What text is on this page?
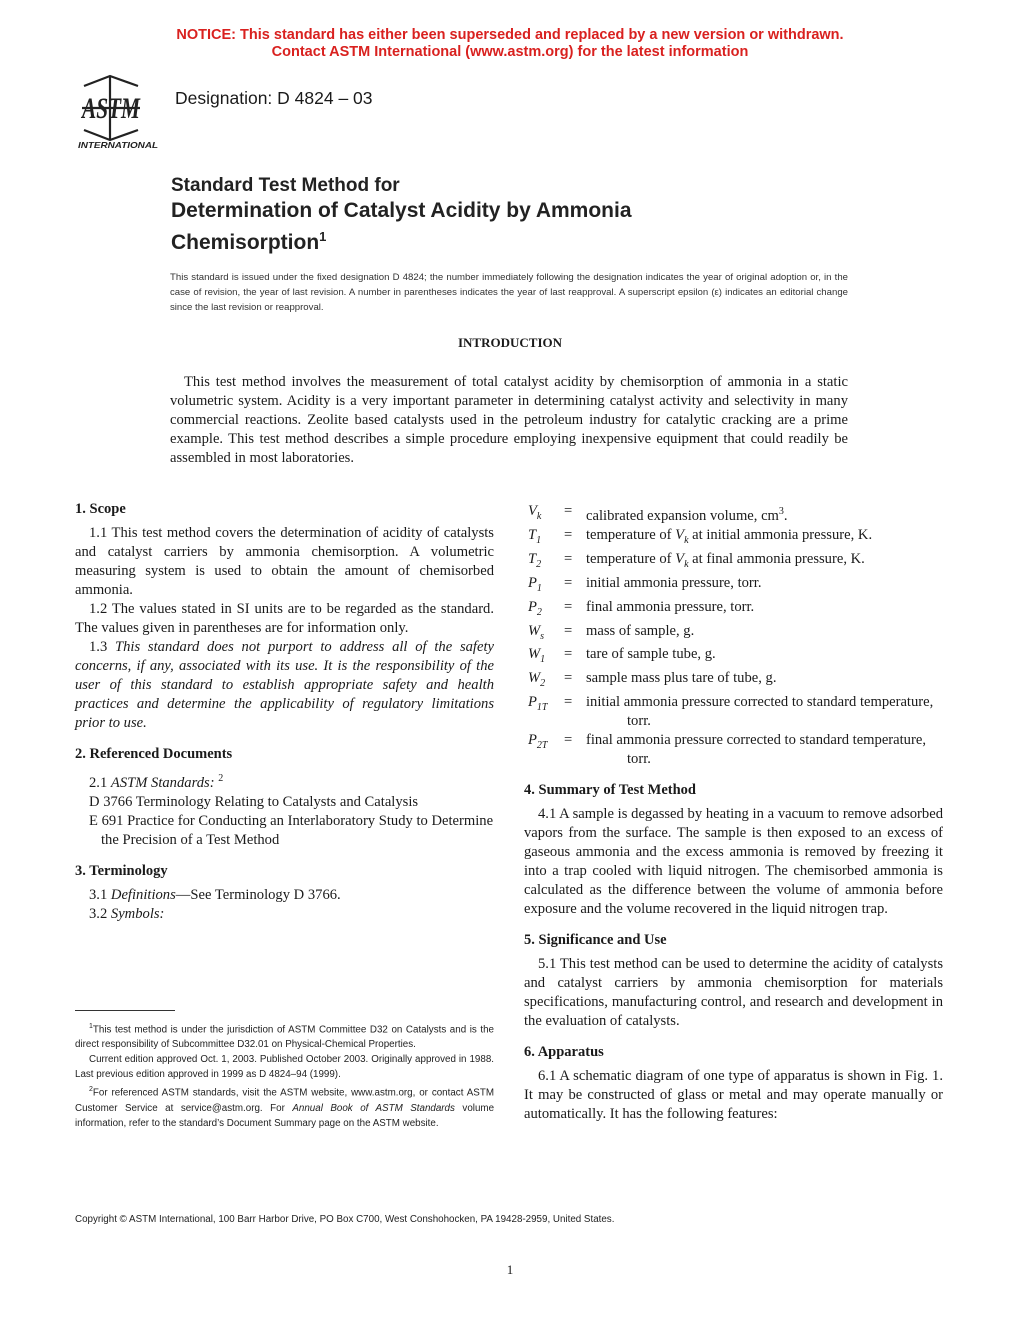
NOTICE: This standard has either been superseded and replaced by a new version or withdrawn.
Contact ASTM International (www.astm.org) for the latest information
ASTM
INTERNATIONAL
Designation: D 4824 – 03
Standard Test Method for
Determination of Catalyst Acidity by Ammonia
Chemisorption$^1$
This standard is issued under the fixed designation D 4824; the number immediately following the designation indicates the year of original adoption or, in the case of revision, the year of last revision. A number in parentheses indicates the year of last reapproval. A superscript epsilon (ε) indicates an editorial change since the last revision or reapproval.
INTRODUCTION
This test method involves the measurement of total catalyst acidity by chemisorption of ammonia in a static volumetric system. Acidity is a very important parameter in determining catalyst activity and selectivity in many commercial reactions. Zeolite based catalysts used in the petroleum industry for catalytic cracking are a prime example. This test method describes a simple procedure employing inexpensive equipment that could readily be assembled in most laboratories.
1. Scope

1.1 This test method covers the determination of acidity of catalysts and catalyst carriers by ammonia chemisorption. A volumetric measuring system is used to obtain the amount of chemisorbed ammonia.

1.2 The values stated in SI units are to be regarded as the standard. The values given in parentheses are for information only.

1.3 This standard does not purport to address all of the safety concerns, if any, associated with its use. It is the responsibility of the user of this standard to establish appropriate safety and health practices and determine the applicability of regulatory limitations prior to use.

2. Referenced Documents

2.1 ASTM Standards: $^2$

D 3766 Terminology Relating to Catalysts and Catalysis

E 691 Practice for Conducting an Interlaboratory Study to Determine the Precision of a Test Method

3. Terminology

3.1 Definitions—See Terminology D 3766.

3.2 Symbols:

$^1$This test method is under the jurisdiction of ASTM Committee D32 on Catalysts and is the direct responsibility of Subcommittee D32.01 on Physical-Chemical Properties.

Current edition approved Oct. 1, 2003. Published October 2003. Originally approved in 1988. Last previous edition approved in 1999 as D 4824–94 (1999).

$^2$For referenced ASTM standards, visit the ASTM website, www.astm.org, or contact ASTM Customer Service at service@astm.org. For Annual Book of ASTM Standards volume information, refer to the standard’s Document Summary page on the ASTM website.

$V_k$	= calibrated expansion volume, $cm^3$.
$T_1$	= temperature of $V_k$ at initial ammonia pressure, K.
$T_2$	= temperature of $V_k$ at final ammonia pressure, K.
$P_1$	= initial ammonia pressure, torr.
$P_2$	= final ammonia pressure, torr.
$W_s$	= mass of sample, g.
$W_1$	= tare of sample tube, g.
$W_2$	= sample mass plus tare of tube, g.
$P_{1T}$	= initial ammonia pressure corrected to standard temperature, torr.
$P_{2T}$	= final ammonia pressure corrected to standard temperature, torr.
4. Summary of Test Method

4.1 A sample is degassed by heating in a vacuum to remove adsorbed vapors from the surface. The sample is then exposed to an excess of gaseous ammonia and the excess ammonia is removed by freezing it into a trap cooled with liquid nitrogen. The chemisorbed ammonia is calculated as the difference between the volume of ammonia before exposure and the volume recovered in the liquid nitrogen trap.

5. Significance and Use

5.1 This test method can be used to determine the acidity of catalysts and catalyst carriers by ammonia chemisorption for materials specifications, manufacturing control, and research and development in the evaluation of catalysts.

6. Apparatus

6.1 A schematic diagram of one type of apparatus is shown in Fig. 1. It may be constructed of glass or metal and may operate manually or automatically. It has the following features:

Copyright © ASTM International, 100 Barr Harbor Drive, PO Box C700, West Conshohocken, PA 19428-2959, United States.
1
